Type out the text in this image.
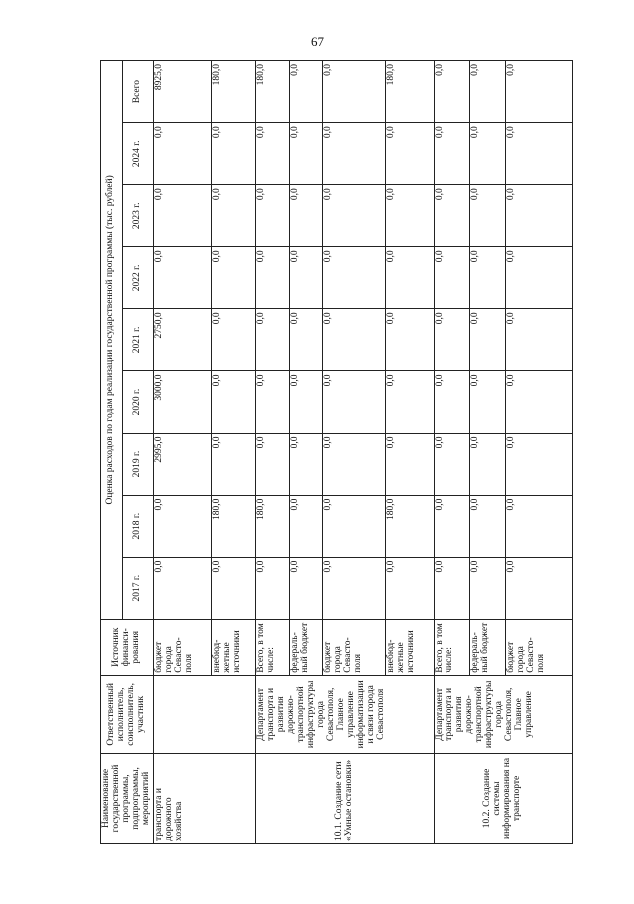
67
Наименование государственной программы, подпрограммы, мероприятий	Ответственный исполнитель, соисполнитель, участник	Источник финанси-рования	Оценка расходов по годам реализации государственной программы (тыс. рублей)								
			2017 г.	2018 г.	2019 г.	2020 г.	2021 г.	2022 г.	2023 г.	2024 г.	Всего
транспорта и дорожного хозяйства		бюджет города Севасто-поля	0,0	0,0	2995,0	3000,0	2750,0	0,0	0,0	0,0	8925,0
		внебюд-жетные источники	0,0	180,0	0,0	0,0	0,0	0,0	0,0	0,0	180,0
10.1. Создание сети «Умные остановки»	Департамент транспорта и развития дорожно-транспортной инфраструктуры города Севастополя, Главное управление информатизации и связи города Севастополя	Всего, в том числе:	0,0	180,0	0,0	0,0	0,0	0,0	0,0	0,0	180,0
		федераль-ный бюджет	0,0	0,0	0,0	0,0	0,0	0,0	0,0	0,0	0,0
		бюджет города Севасто-поля	0,0	0,0	0,0	0,0	0,0	0,0	0,0	0,0	0,0
		внебюд-жетные источники	0,0	180,0	0,0	0,0	0,0	0,0	0,0	0,0	180,0
10.2. Создание системы информирования на транспорте	Департамент транспорта и развития дорожно-транспортной инфраструктуры города Севастополя, Главное управление	Всего, в том числе:	0,0	0,0	0,0	0,0	0,0	0,0	0,0	0,0	0,0
		федераль-ный бюджет	0,0	0,0	0,0	0,0	0,0	0,0	0,0	0,0	0,0
		бюджет города Севасто-поля	0,0	0,0	0,0	0,0	0,0	0,0	0,0	0,0	0,0
